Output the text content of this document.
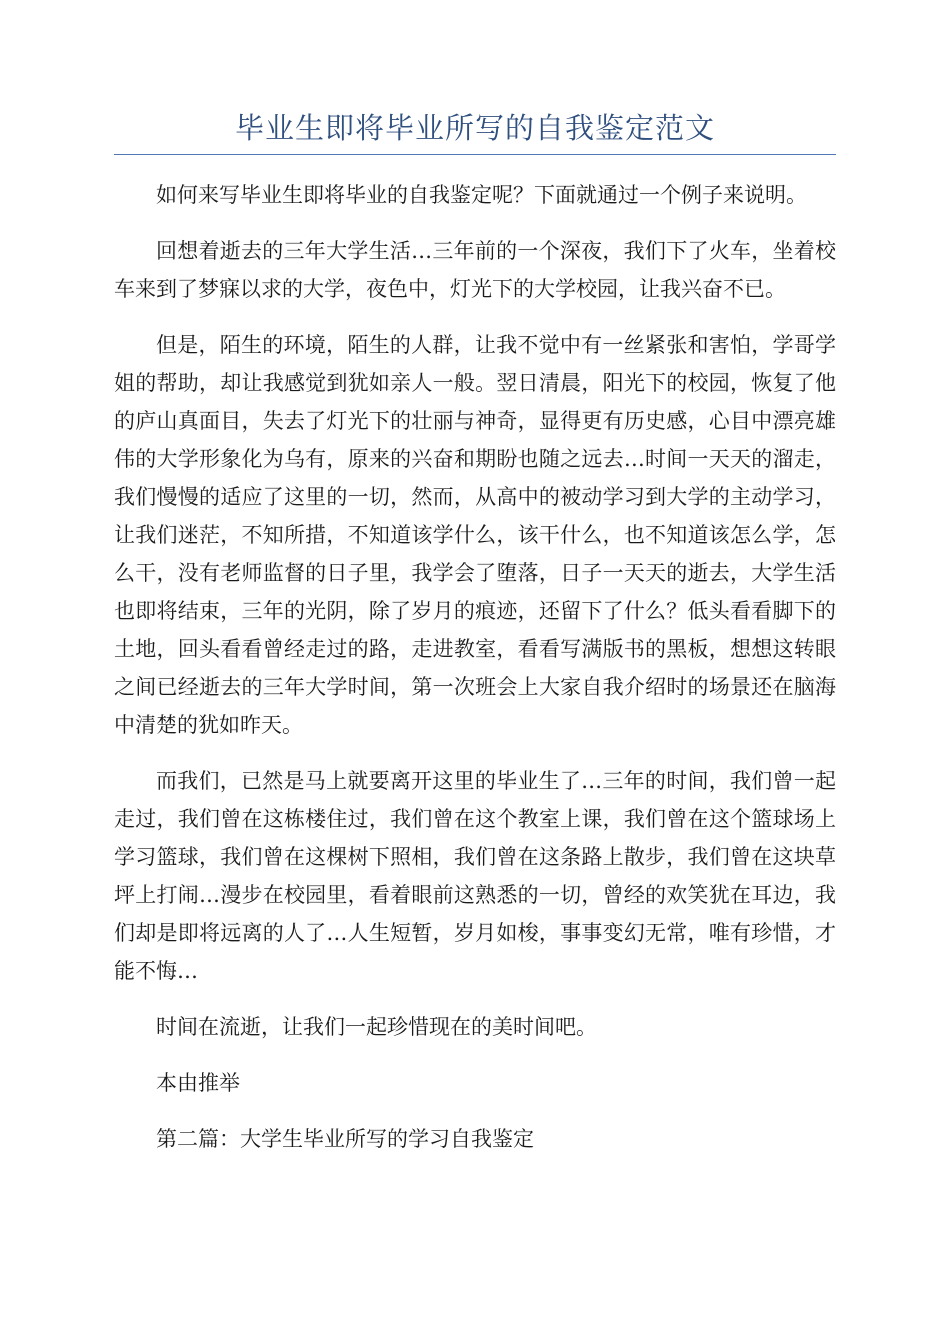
毕业生即将毕业所写的自我鉴定范文

如何来写毕业生即将毕业的自我鉴定呢？下面就通过一个例子来说明。

回想着逝去的三年大学生活…三年前的一个深夜，我们下了火车，坐着校车来到了梦寐以求的大学，夜色中，灯光下的大学校园，让我兴奋不已。

但是，陌生的环境，陌生的人群，让我不觉中有一丝紧张和害怕，学哥学姐的帮助，却让我感觉到犹如亲人一般。翌日清晨，阳光下的校园，恢复了他的庐山真面目，失去了灯光下的壮丽与神奇，显得更有历史感，心目中漂亮雄伟的大学形象化为乌有，原来的兴奋和期盼也随之远去…时间一天天的溜走，我们慢慢的适应了这里的一切，然而，从高中的被动学习到大学的主动学习，让我们迷茫，不知所措，不知道该学什么，该干什么，也不知道该怎么学，怎么干，没有老师监督的日子里，我学会了堕落，日子一天天的逝去，大学生活也即将结束，三年的光阴，除了岁月的痕迹，还留下了什么？低头看看脚下的土地，回头看看曾经走过的路，走进教室，看看写满版书的黑板，想想这转眼之间已经逝去的三年大学时间，第一次班会上大家自我介绍时的场景还在脑海中清楚的犹如昨天。

而我们，已然是马上就要离开这里的毕业生了…三年的时间，我们曾一起走过，我们曾在这栋楼住过，我们曾在这个教室上课，我们曾在这个篮球场上学习篮球，我们曾在这棵树下照相，我们曾在这条路上散步，我们曾在这块草坪上打闹…漫步在校园里，看着眼前这熟悉的一切，曾经的欢笑犹在耳边，我们却是即将远离的人了…人生短暂，岁月如梭，事事变幻无常，唯有珍惜，才能不悔…

时间在流逝，让我们一起珍惜现在的美时间吧。

本由推举

第二篇：大学生毕业所写的学习自我鉴定
